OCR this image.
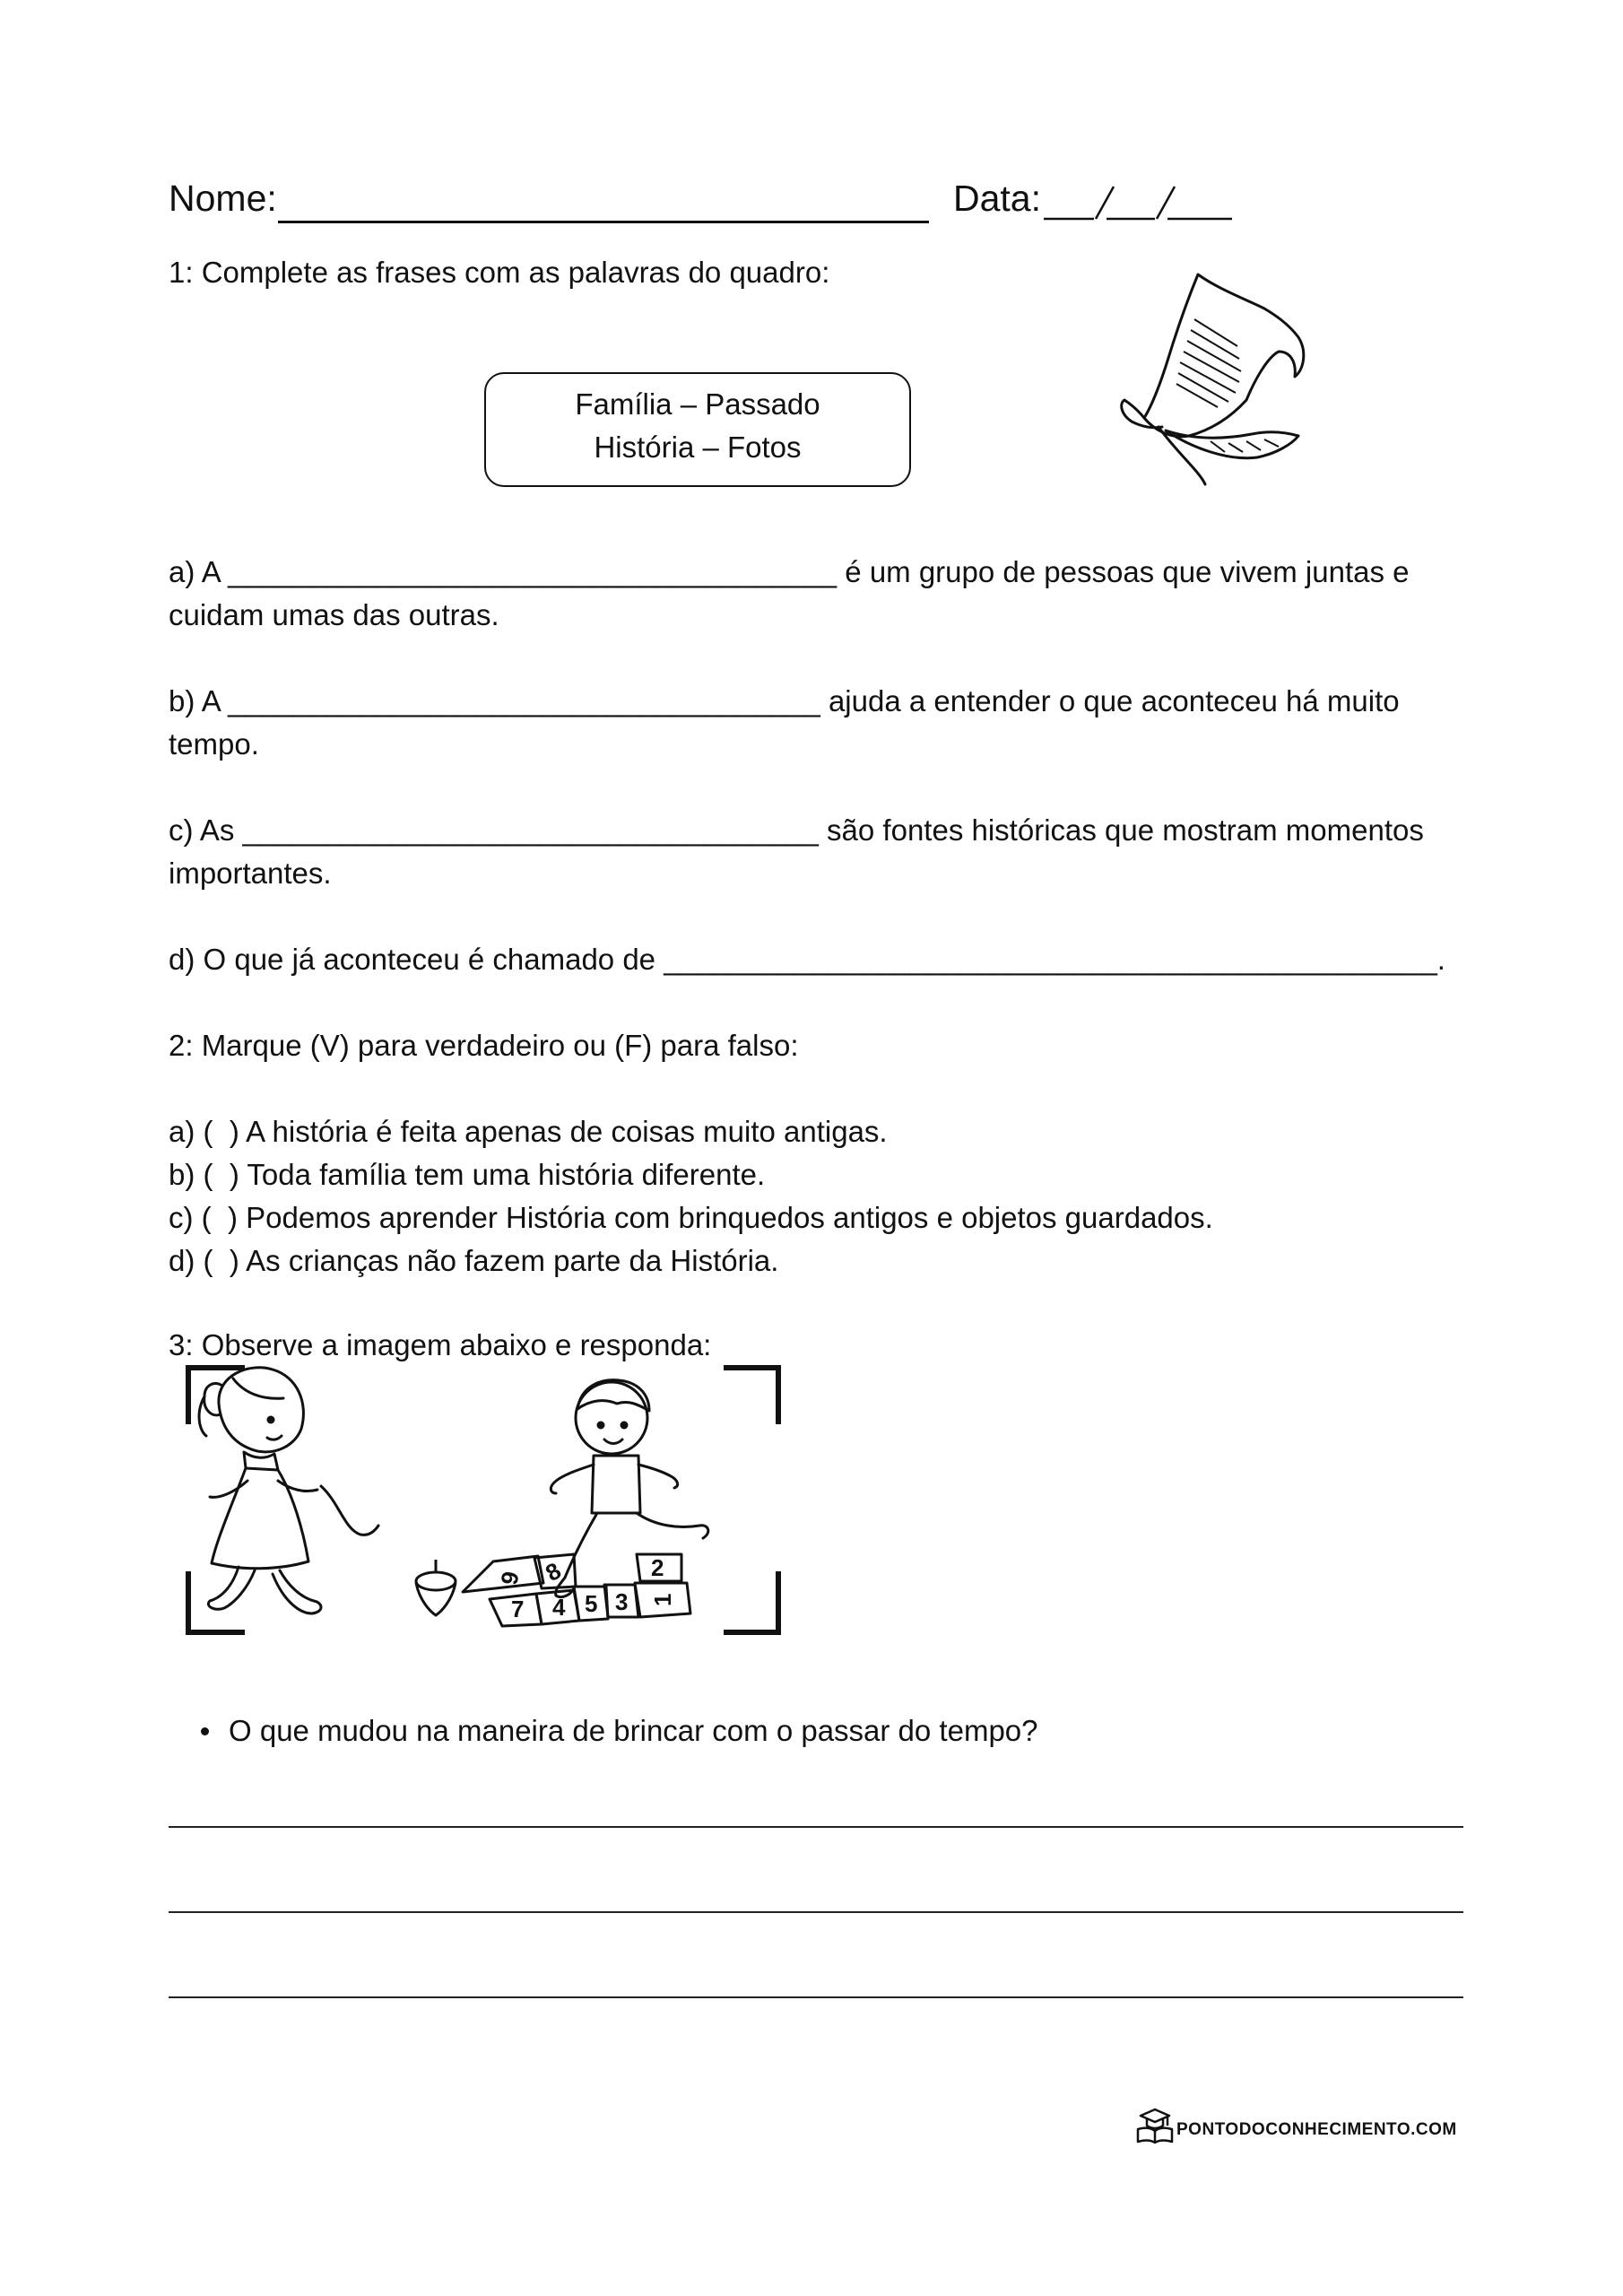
Nome:	Data:
1: Complete as frases com as palavras do quadro:
Família – Passado
História – Fotos
a) A _____________________________________ é um grupo de pessoas que vivem juntas e
cuidam umas das outras.
b) A ____________________________________ ajuda a entender o que aconteceu há muito
tempo.
c) As ___________________________________ são fontes históricas que mostram momentos
importantes.
d) O que já aconteceu é chamado de _______________________________________________.
2: Marque (V) para verdadeiro ou (F) para falso:
a) (  ) A história é feita apenas de coisas muito antigas.
b) (  ) Toda família tem uma história diferente.
c) (  ) Podemos aprender História com brinquedos antigos e objetos guardados.
d) (  ) As crianças não fazem parte da História.
3: Observe a imagem abaixo e responda:
9
7
8
4 5 3
2
1
O que mudou na maneira de brincar com o passar do tempo?
PONTODOCONHECIMENTO.COM
